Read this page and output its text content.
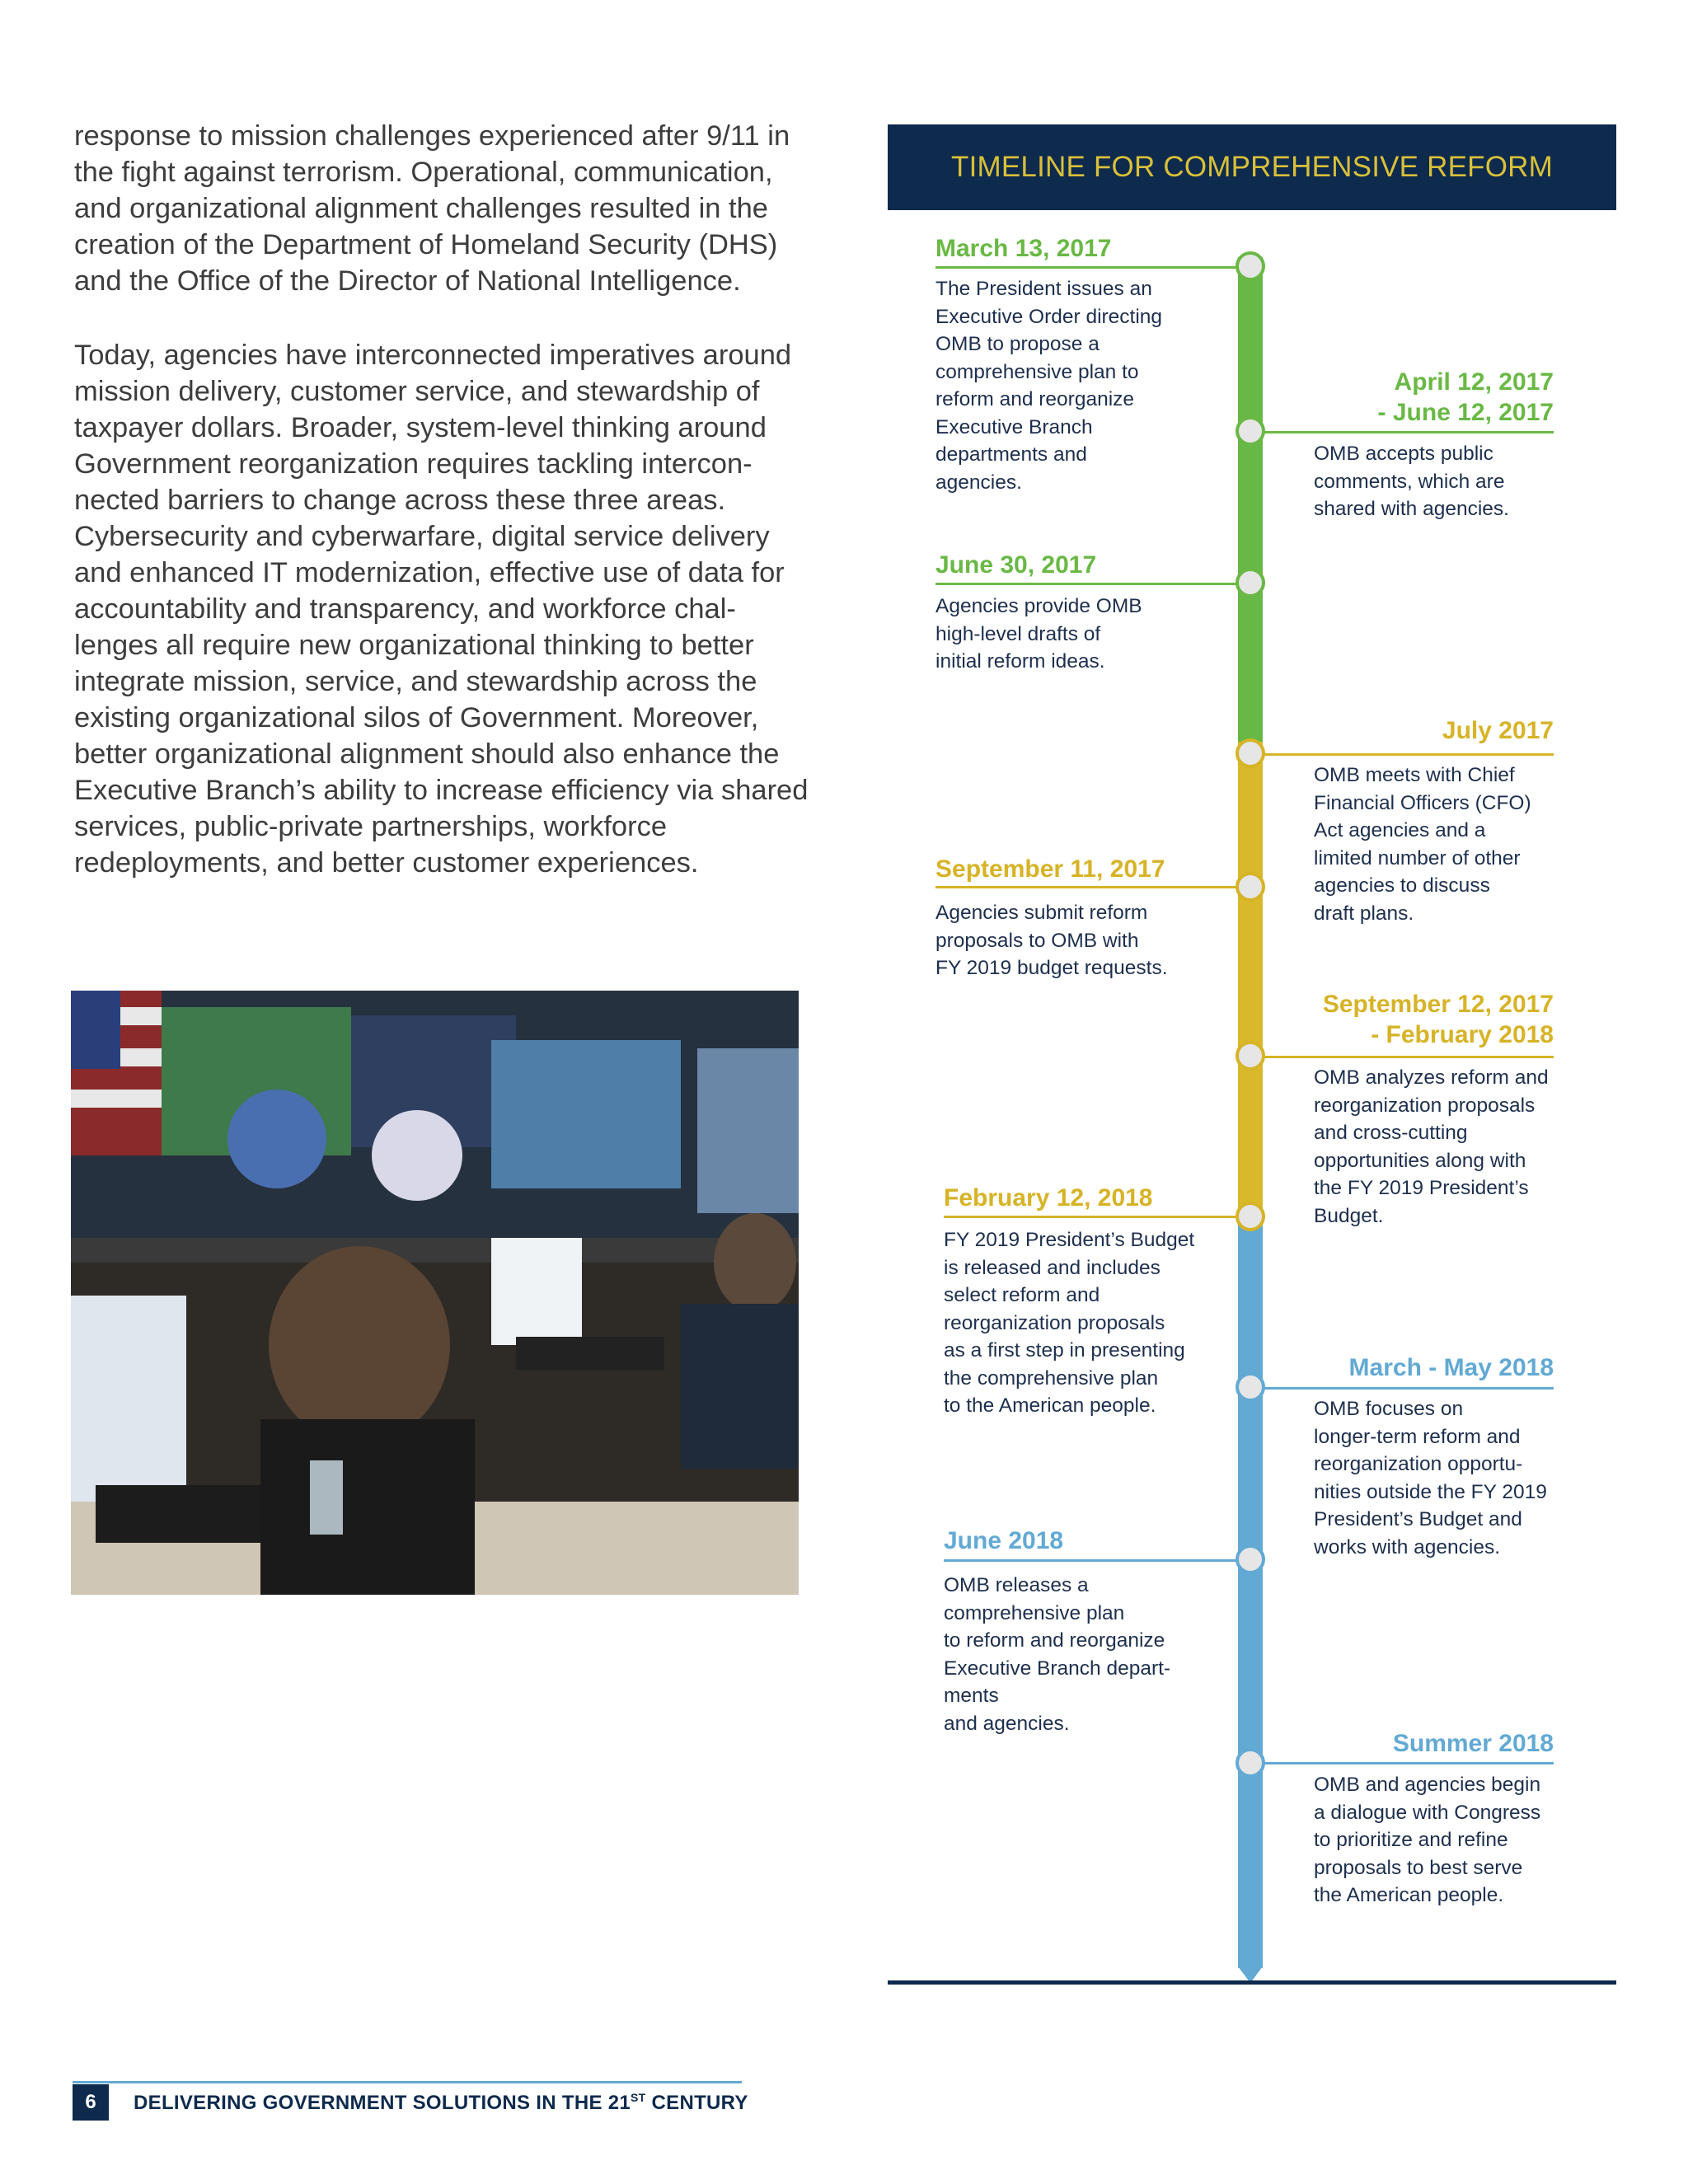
response to mission challenges experienced after 9/11 in the fight against terrorism. Operational, communication, and organizational alignment challenges resulted in the creation of the Department of Homeland Security (DHS) and the Office of the Director of National Intelligence.

Today, agencies have interconnected imperatives around mission delivery, customer service, and stewardship of taxpayer dollars. Broader, system-level thinking around Government reorganization requires tackling intercon-nected barriers to change across these three areas. Cybersecurity and cyberwarfare, digital service delivery and enhanced IT modernization, effective use of data for accountability and transparency, and workforce chal-lenges all require new organizational thinking to better integrate mission, service, and stewardship across the existing organizational silos of Government. Moreover, better organizational alignment should also enhance the Executive Branch’s ability to increase efficiency via shared services, public-private partnerships, workforce redeployments, and better customer experiences.

TIMELINE FOR COMPREHENSIVE REFORM

March 13, 2017

The President issues an
Executive Order directing
OMB to propose a
comprehensive plan to
reform and reorganize
Executive Branch
departments and
agencies.

April 12, 2017
- June 12, 2017

OMB accepts public
comments, which are
shared with agencies.

June 30, 2017

Agencies provide OMB
high-level drafts of
initial reform ideas.

July 2017

OMB meets with Chief
Financial Officers (CFO)
Act agencies and a
limited number of other
agencies to discuss
draft plans.

September 11, 2017

Agencies submit reform
proposals to OMB with
FY 2019 budget requests.

September 12, 2017
- February 2018

OMB analyzes reform and
reorganization proposals
and cross-cutting
opportunities along with
the FY 2019 President’s
Budget.

February 12, 2018

FY 2019 President’s Budget
is released and includes
select reform and
reorganization proposals
as a first step in presenting
the comprehensive plan
to the American people.

March - May 2018

OMB focuses on
longer-term reform and
reorganization opportu-
nities outside the FY 2019
President’s Budget and
works with agencies.

June 2018

OMB releases a
comprehensive plan
to reform and reorganize
Executive Branch depart-
ments
and agencies.

Summer 2018

OMB and agencies begin
a dialogue with Congress
to prioritize and refine
proposals to best serve
the American people.

6	DELIVERING GOVERNMENT SOLUTIONS IN THE 21ST CENTURY
